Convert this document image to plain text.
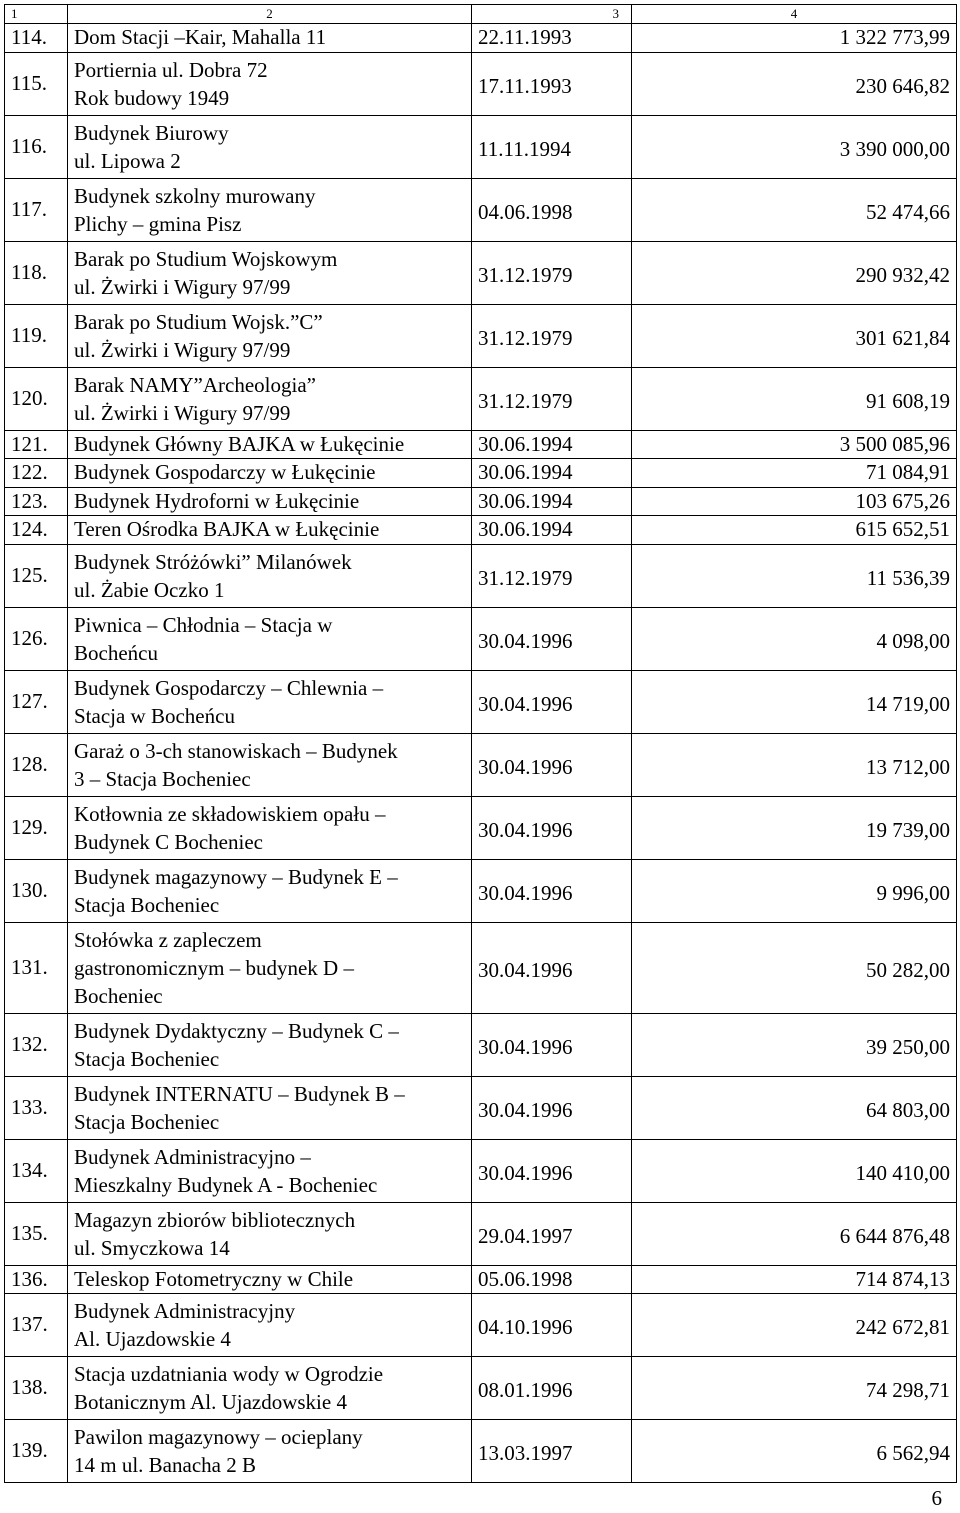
1	2	3	4
114.	Dom Stacji –Kair, Mahalla 11	22.11.1993	1 322 773,99
115.	Portiernia ul. Dobra 72
Rok budowy 1949	17.11.1993	230 646,82
116.	Budynek Biurowy
ul. Lipowa 2	11.11.1994	3 390 000,00
117.	Budynek szkolny murowany
Plichy – gmina Pisz	04.06.1998	52 474,66
118.	Barak po Studium Wojskowym
ul. Żwirki i Wigury 97/99	31.12.1979	290 932,42
119.	Barak po Studium Wojsk.”C”
ul. Żwirki i Wigury 97/99	31.12.1979	301 621,84
120.	Barak NAMY”Archeologia”
ul. Żwirki i Wigury 97/99	31.12.1979	91 608,19
121.	Budynek Główny BAJKA w Łukęcinie	30.06.1994	3 500 085,96
122.	Budynek Gospodarczy w Łukęcinie	30.06.1994	71 084,91
123.	Budynek Hydroforni w Łukęcinie	30.06.1994	103 675,26
124.	Teren Ośrodka BAJKA w Łukęcinie	30.06.1994	615 652,51
125.	Budynek Stróżówki” Milanówek
ul. Żabie Oczko 1	31.12.1979	11 536,39
126.	Piwnica – Chłodnia – Stacja w
Bocheńcu	30.04.1996	4 098,00
127.	Budynek Gospodarczy – Chlewnia –
Stacja w Bocheńcu	30.04.1996	14 719,00
128.	Garaż o 3-ch stanowiskach – Budynek
3 – Stacja Bocheniec	30.04.1996	13 712,00
129.	Kotłownia ze składowiskiem opału –
Budynek C Bocheniec	30.04.1996	19 739,00
130.	Budynek magazynowy – Budynek E –
Stacja Bocheniec	30.04.1996	9 996,00
131.	Stołówka z zapleczem
gastronomicznym – budynek D –
Bocheniec	30.04.1996	50 282,00
132.	Budynek Dydaktyczny – Budynek C –
Stacja Bocheniec	30.04.1996	39 250,00
133.	Budynek INTERNATU – Budynek B –
Stacja Bocheniec	30.04.1996	64 803,00
134.	Budynek Administracyjno –
Mieszkalny Budynek A - Bocheniec	30.04.1996	140 410,00
135.	Magazyn zbiorów bibliotecznych
ul. Smyczkowa 14	29.04.1997	6 644 876,48
136.	Teleskop Fotometryczny w Chile	05.06.1998	714 874,13
137.	Budynek Administracyjny
Al. Ujazdowskie 4	04.10.1996	242 672,81
138.	Stacja uzdatniania wody w Ogrodzie
Botanicznym Al. Ujazdowskie 4	08.01.1996	74 298,71
139.	Pawilon magazynowy – ocieplany
14 m ul. Banacha 2 B	13.03.1997	6 562,94
6
